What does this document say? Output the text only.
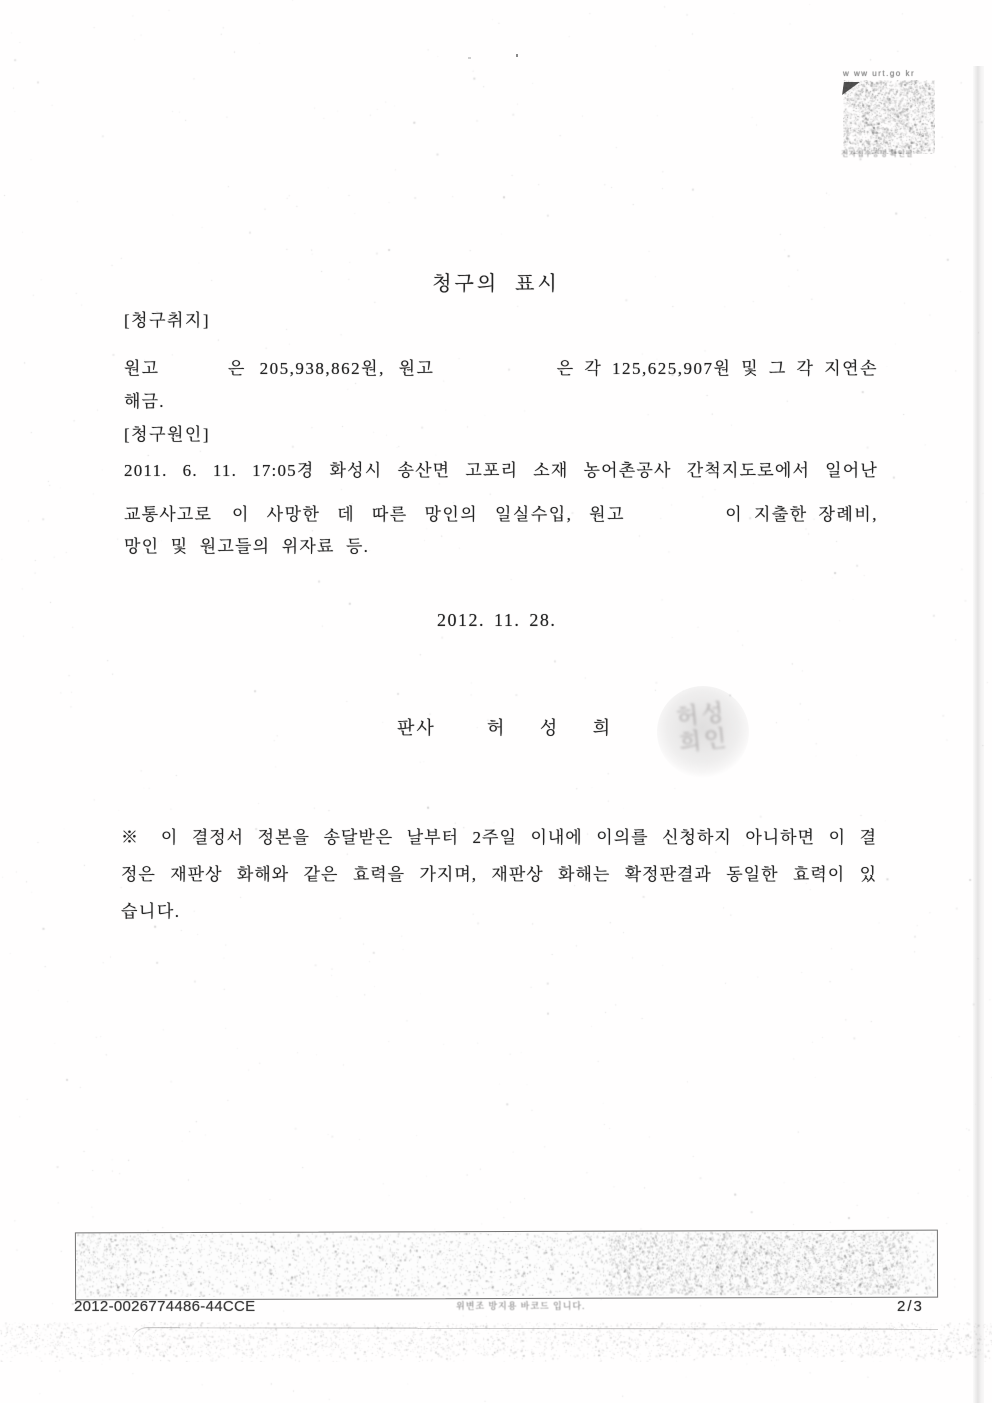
w ww urt.go kr
전자접수증명 확인필
청구의 표시
[청구취지]
원고	은 205,938,862원, 원고	은 각 125,625,907원 및 그 각 지연손
해금.
[청구원인]
2011. 6. 11. 17:05경 화성시 송산면 고포리 소재 농어촌공사 간척지도로에서 일어난
교통사고로 이 사망한 데 따른 망인의 일실수입, 원고	이 지출한 장례비,
망인 및 원고들의 위자료 등.
2012. 11. 28.
판사	허 성 희	허성희인
※ 이 결정서 정본을 송달받은 날부터 2주일 이내에 이의를 신청하지 아니하면 이 결
정은 재판상 화해와 같은 효력을 가지며, 재판상 화해는 확정판결과 동일한 효력이 있
습니다.
2012-0026774486-44CCE	위변조 방지용 바코드 입니다.	2/3
